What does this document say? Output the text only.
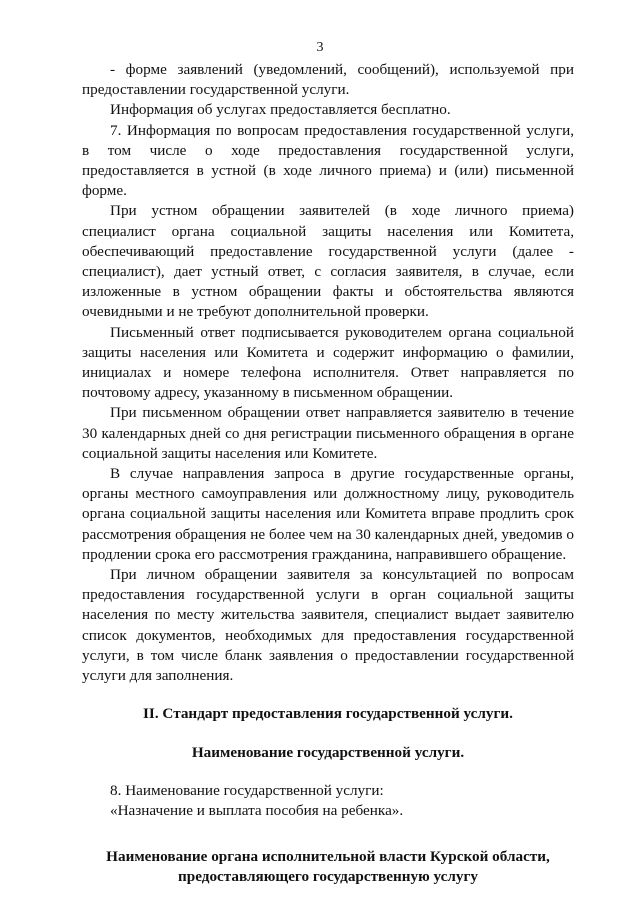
3

- форме заявлений (уведомлений, сообщений), используемой при предоставлении государственной услуги.

Информация об услугах предоставляется бесплатно.

7. Информация по вопросам предоставления государственной услуги, в том числе о ходе предоставления государственной услуги, предоставляется в устной (в ходе личного приема) и (или) письменной форме.

При устном обращении заявителей (в ходе личного приема) специалист органа социальной защиты населения или Комитета, обеспечивающий предоставление государственной услуги (далее - специалист), дает устный ответ, с согласия заявителя, в случае, если изложенные в устном обращении факты и обстоятельства являются очевидными и не требуют дополнительной проверки.

Письменный ответ подписывается руководителем органа социальной защиты населения или Комитета и содержит информацию о фамилии, инициалах и номере телефона исполнителя. Ответ направляется по почтовому адресу, указанному в письменном обращении.

При письменном обращении ответ направляется заявителю в течение 30 календарных дней со дня регистрации письменного обращения в органе социальной защиты населения или Комитете.

В случае направления запроса в другие государственные органы, органы местного самоуправления или должностному лицу, руководитель органа социальной защиты населения или Комитета вправе продлить срок рассмотрения обращения не более чем на 30 календарных дней, уведомив о продлении срока его рассмотрения гражданина, направившего обращение.

При личном обращении заявителя за консультацией по вопросам предоставления государственной услуги в орган социальной защиты населения по месту жительства заявителя, специалист выдает заявителю список документов, необходимых для предоставления государственной услуги, в том числе бланк заявления о предоставлении государственной услуги для заполнения.

II. Стандарт предоставления государственной услуги.

Наименование государственной услуги.

8. Наименование государственной услуги:
«Назначение и выплата пособия на ребенка».

Наименование органа исполнительной власти Курской области,

предоставляющего государственную услугу
